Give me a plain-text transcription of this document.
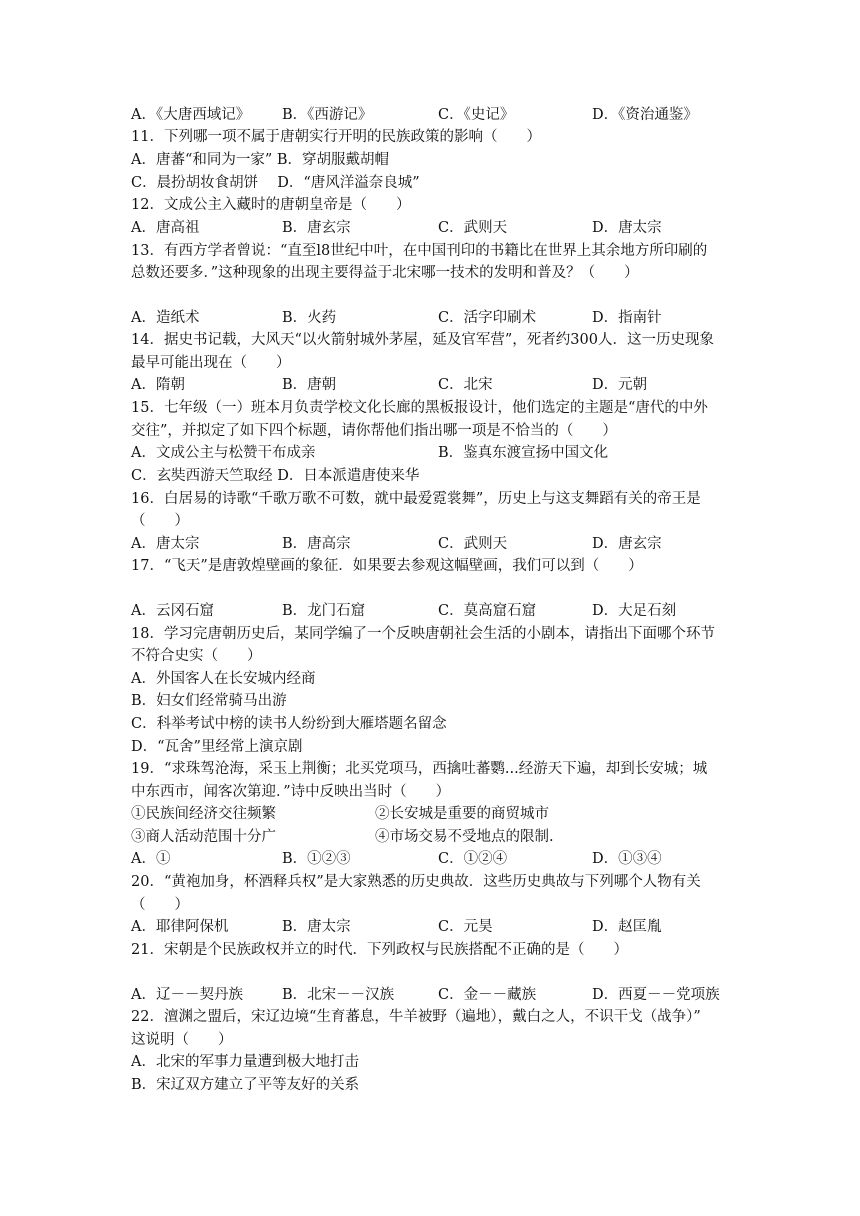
A．《大唐西域记》 B．《西游记》	C．《史记》	D．《资治通鉴》
11．下列哪一项不属于唐朝实行开明的民族政策的影响（　　）
A．唐蕃“和同为一家” B．穿胡服戴胡帽
C．晨扮胡妆食胡饼　 D．“唐风洋溢奈良城”
12．文成公主入藏时的唐朝皇帝是（　　）
A．唐高祖	B．唐玄宗	C．武则天	D．唐太宗
13．有西方学者曾说：“直至l8世纪中叶，在中国刊印的书籍比在世界上其余地方所印刷的
总数还要多．”这种现象的出现主要得益于北宋哪一技术的发明和普及？（　　）
A．造纸术	B．火药	C．活字印刷术	D．指南针
14．据史书记载，大风天“以火箭射城外茅屋，延及官军营”，死者约300人．这一历史现象
最早可能出现在（　　）
A．隋朝	B．唐朝	C．北宋	D．元朝
15．七年级（一）班本月负责学校文化长廊的黑板报设计，他们选定的主题是“唐代的中外
交往”，并拟定了如下四个标题，请你帮他们指出哪一项是不恰当的（　　）
A．文成公主与松赞干布成亲	B．鉴真东渡宣扬中国文化
C．玄奘西游天竺取经 D．日本派遣唐使来华
16．白居易的诗歌“千歌万歌不可数，就中最爱霓裳舞”，历史上与这支舞蹈有关的帝王是
（　　）
A．唐太宗	B．唐高宗	C．武则天	D．唐玄宗
17．“飞天”是唐敦煌壁画的象征．如果要去参观这幅壁画，我们可以到（　　）
A．云冈石窟	B．龙门石窟	C．莫高窟石窟	D．大足石刻
18．学习完唐朝历史后，某同学编了一个反映唐朝社会生活的小剧本，请指出下面哪个环节
不符合史实（　　）
A．外国客人在长安城内经商
B．妇女们经常骑马出游
C．科举考试中榜的读书人纷纷到大雁塔题名留念
D．“瓦舍”里经常上演京剧
19．“求珠驾沧海，采玉上荆衡；北买党项马，西擒吐蕃鹦...经游天下遍，却到长安城；城
中东西市，闻客次第迎．”诗中反映出当时（　　）
①民族间经济交往频繁	②长安城是重要的商贸城市
③商人活动范围十分广	④市场交易不受地点的限制.
A．①	B．①②③	C．①②④	D．①③④
20．“黄袍加身，杯酒释兵权”是大家熟悉的历史典故．这些历史典故与下列哪个人物有关
（　　）
A．耶律阿保机	B．唐太宗	C．元昊	D．赵匡胤
21．宋朝是个民族政权并立的时代．下列政权与民族搭配不正确的是（　　）
A．辽－－契丹族	B．北宋－－汉族	C．金－－藏族	D．西夏－－党项族
22．澶渊之盟后，宋辽边境“生育蕃息，牛羊被野（遍地），戴白之人，不识干戈（战争）”
这说明（　　）
A．北宋的军事力量遭到极大地打击
B．宋辽双方建立了平等友好的关系
